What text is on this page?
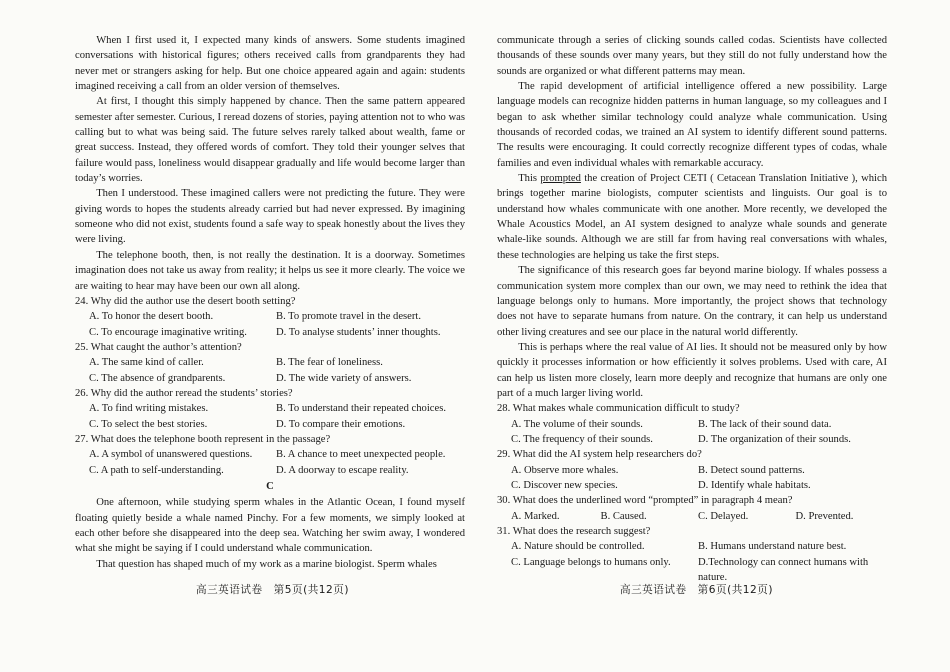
When I first used it, I expected many kinds of answers. Some students imagined conversations with historical figures; others received calls from grandparents they had never met or strangers asking for help. But one choice appeared again and again: students imagined receiving a call from an older version of themselves.

At first, I thought this simply happened by chance. Then the same pattern appeared semester after semester. Curious, I reread dozens of stories, paying attention not to who was calling but to what was being said. The future selves rarely talked about wealth, fame or great success. Instead, they offered words of comfort. They told their younger selves that failure would pass, loneliness would disappear gradually and life would become larger than today’s worries.

Then I understood. These imagined callers were not predicting the future. They were giving words to hopes the students already carried but had never expressed. By imagining someone who did not exist, students found a safe way to speak honestly about the lives they were living.

The telephone booth, then, is not really the destination. It is a doorway. Sometimes imagination does not take us away from reality; it helps us see it more clearly. The voice we are waiting to hear may have been our own all along.

24. Why did the author use the desert booth setting?
A. To honor the desert booth.	B. To promote travel in the desert.
C. To encourage imaginative writing.	D. To analyse students’ inner thoughts.
25. What caught the author’s attention?
A. The same kind of caller.	B. The fear of loneliness.
C. The absence of grandparents.	D. The wide variety of answers.
26. Why did the author reread the students’ stories?
A. To find writing mistakes.	B. To understand their repeated choices.
C. To select the best stories.	D. To compare their emotions.
27. What does the telephone booth represent in the passage?
A. A symbol of unanswered questions.	B. A chance to meet unexpected people.
C. A path to self-understanding.	D. A doorway to escape reality.
C

One afternoon, while studying sperm whales in the Atlantic Ocean, I found myself floating quietly beside a whale named Pinchy. For a few moments, we simply looked at each other before she disappeared into the deep sea. Watching her swim away, I wondered what she might be saying if I could understand whale communication.

That question has shaped much of my work as a marine biologist. Sperm whales

communicate through a series of clicking sounds called codas. Scientists have collected thousands of these sounds over many years, but they still do not fully understand how the sounds are organized or what different patterns may mean.

The rapid development of artificial intelligence offered a new possibility. Large language models can recognize hidden patterns in human language, so my colleagues and I began to ask whether similar technology could analyze whale communication. Using thousands of recorded codas, we trained an AI system to identify different sound patterns. The results were encouraging. It could correctly recognize different types of codas, whale families and even individual whales with remarkable accuracy.

This prompted the creation of Project CETI ( Cetacean Translation Initiative ), which brings together marine biologists, computer scientists and linguists. Our goal is to understand how whales communicate with one another. More recently, we developed the Whale Acoustics Model, an AI system designed to analyze whale sounds and generate whale-like sounds. Although we are still far from having real conversations with whales, these technologies are helping us take the first steps.

The significance of this research goes far beyond marine biology. If whales possess a communication system more complex than our own, we may need to rethink the idea that language belongs only to humans. More importantly, the project shows that technology does not have to separate humans from nature. On the contrary, it can help us understand other living creatures and see our place in the natural world differently.

This is perhaps where the real value of AI lies. It should not be measured only by how quickly it processes information or how efficiently it solves problems. Used with care, AI can help us listen more closely, learn more deeply and recognize that humans are only one part of a much larger living world.

28. What makes whale communication difficult to study?
A. The volume of their sounds.	B. The lack of their sound data.
C. The frequency of their sounds.	D. The organization of their sounds.
29. What did the AI system help researchers do?
A. Observe more whales.	B. Detect sound patterns.
C. Discover new species.	D. Identify whale habitats.
30. What does the underlined word “prompted” in paragraph 4 mean?
A. Marked.	B. Caused.	C. Delayed.	D. Prevented.
31. What does the research suggest?
A. Nature should be controlled.	B. Humans understand nature best.
C. Language belongs to humans only.	D.Technology can connect humans with nature.
高三英语试卷　第5页(共12页)	高三英语试卷　第6页(共12页)
